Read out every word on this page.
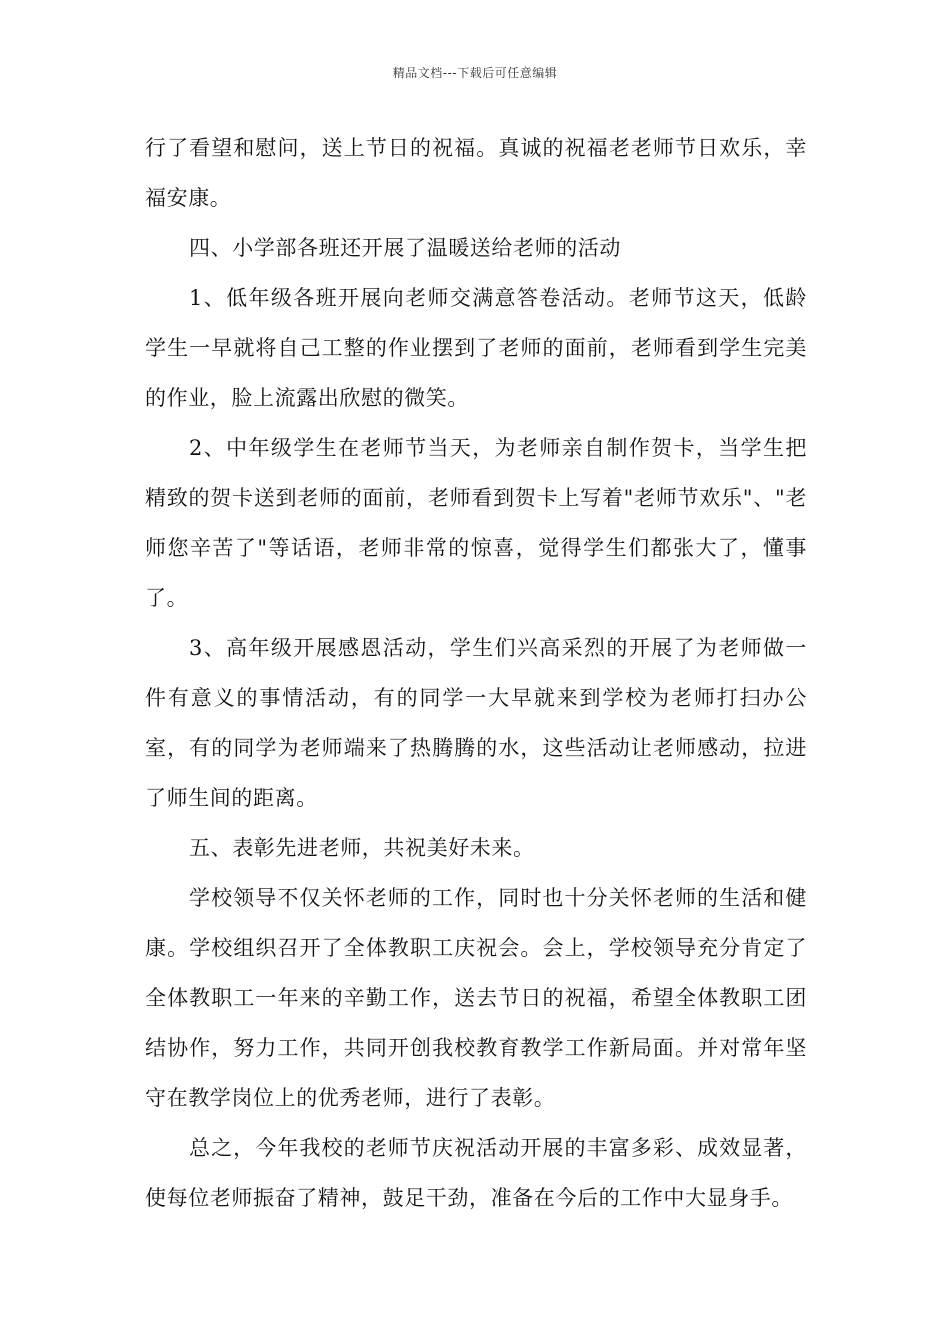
精品文档---下载后可任意编辑

行了看望和慰问，送上节日的祝福。真诚的祝福老老师节日欢乐，幸福安康。

四、小学部各班还开展了温暖送给老师的活动

1、低年级各班开展向老师交满意答卷活动。老师节这天，低龄学生一早就将自己工整的作业摆到了老师的面前，老师看到学生完美的作业，脸上流露出欣慰的微笑。

2、中年级学生在老师节当天，为老师亲自制作贺卡，当学生把精致的贺卡送到老师的面前，老师看到贺卡上写着"老师节欢乐"、"老师您辛苦了"等话语，老师非常的惊喜，觉得学生们都张大了，懂事了。

3、高年级开展感恩活动，学生们兴高采烈的开展了为老师做一件有意义的事情活动，有的同学一大早就来到学校为老师打扫办公室，有的同学为老师端来了热腾腾的水，这些活动让老师感动，拉进了师生间的距离。

五、表彰先进老师，共祝美好未来。

学校领导不仅关怀老师的工作，同时也十分关怀老师的生活和健康。学校组织召开了全体教职工庆祝会。会上，学校领导充分肯定了全体教职工一年来的辛勤工作，送去节日的祝福，希望全体教职工团结协作，努力工作，共同开创我校教育教学工作新局面。并对常年坚守在教学岗位上的优秀老师，进行了表彰。

总之，今年我校的老师节庆祝活动开展的丰富多彩、成效显著，使每位老师振奋了精神，鼓足干劲，准备在今后的工作中大显身手。
